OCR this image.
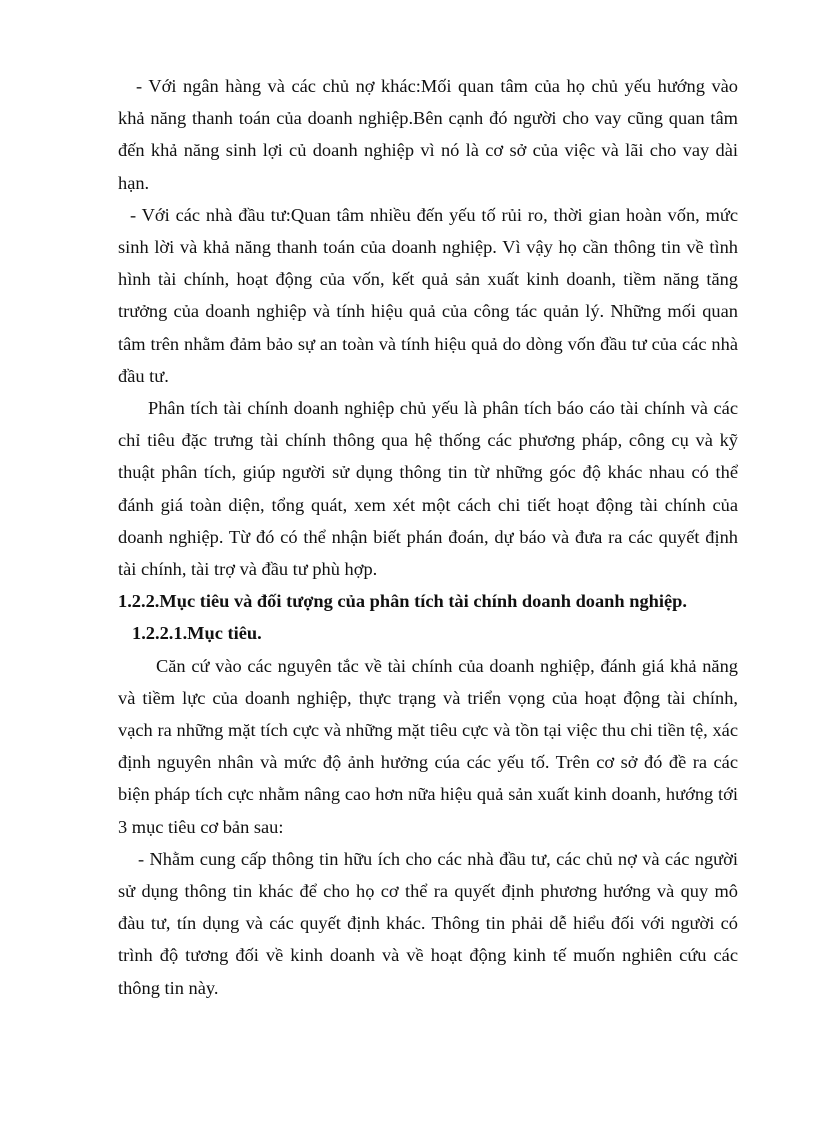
- Với ngân hàng và các chủ nợ khác:Mối quan tâm của họ chủ yếu hướng vào khả năng thanh toán của doanh nghiệp.Bên cạnh đó người cho vay cũng quan tâm đến khả năng sinh lợi củ doanh nghiệp vì nó là cơ sở của việc và lãi cho vay dài hạn.

- Với các nhà đầu tư:Quan tâm nhiều đến yếu tố rủi ro, thời gian hoàn vốn, mức sinh lời và khả năng thanh toán của doanh nghiệp. Vì vậy họ cần thông tin về tình hình tài chính, hoạt động của vốn, kết quả sản xuất kinh doanh, tiềm năng tăng trưởng của doanh nghiệp và tính hiệu quả của công tác quản lý. Những mối quan tâm trên nhằm đảm bảo sự an toàn và tính hiệu quả do dòng vốn đầu tư của các nhà đầu tư.

Phân tích tài chính doanh nghiệp chủ yếu là phân tích báo cáo tài chính và các chỉ tiêu đặc trưng tài chính thông qua hệ thống các phương pháp, công cụ và kỹ thuật phân tích, giúp người sử dụng thông tin từ những góc độ khác nhau có thể đánh giá toàn diện, tổng quát, xem xét một cách chi tiết hoạt động tài chính của doanh nghiệp. Từ đó có thể nhận biết phán đoán, dự báo và đưa ra các quyết định tài chính, tài trợ và đầu tư phù hợp.

1.2.2.Mục tiêu và đối tượng của phân tích tài chính doanh doanh nghiệp.

1.2.2.1.Mục tiêu.

Căn cứ vào các nguyên tắc về tài chính của doanh nghiệp, đánh giá khả năng và tiềm lực của doanh nghiệp, thực trạng và triển vọng của hoạt động tài chính, vạch ra những mặt tích cực và những mặt tiêu cực và tồn tại việc thu chi tiền tệ, xác định nguyên nhân và mức độ ảnh hưởng cúa các yếu tố. Trên cơ sở đó đề ra các biện pháp tích cực nhằm nâng cao hơn nữa hiệu quả sản xuất kinh doanh, hướng tới 3 mục tiêu cơ bản sau:

- Nhằm cung cấp thông tin hữu ích cho các nhà đầu tư, các chủ nợ và các người sử dụng thông tin khác để cho họ cơ thể ra quyết định phương hướng và quy mô đàu tư, tín dụng và các quyết định khác. Thông tin phải dễ hiểu đối với người có trình độ tương đối về kinh doanh và về hoạt động kinh tế muốn nghiên cứu các thông tin này.
